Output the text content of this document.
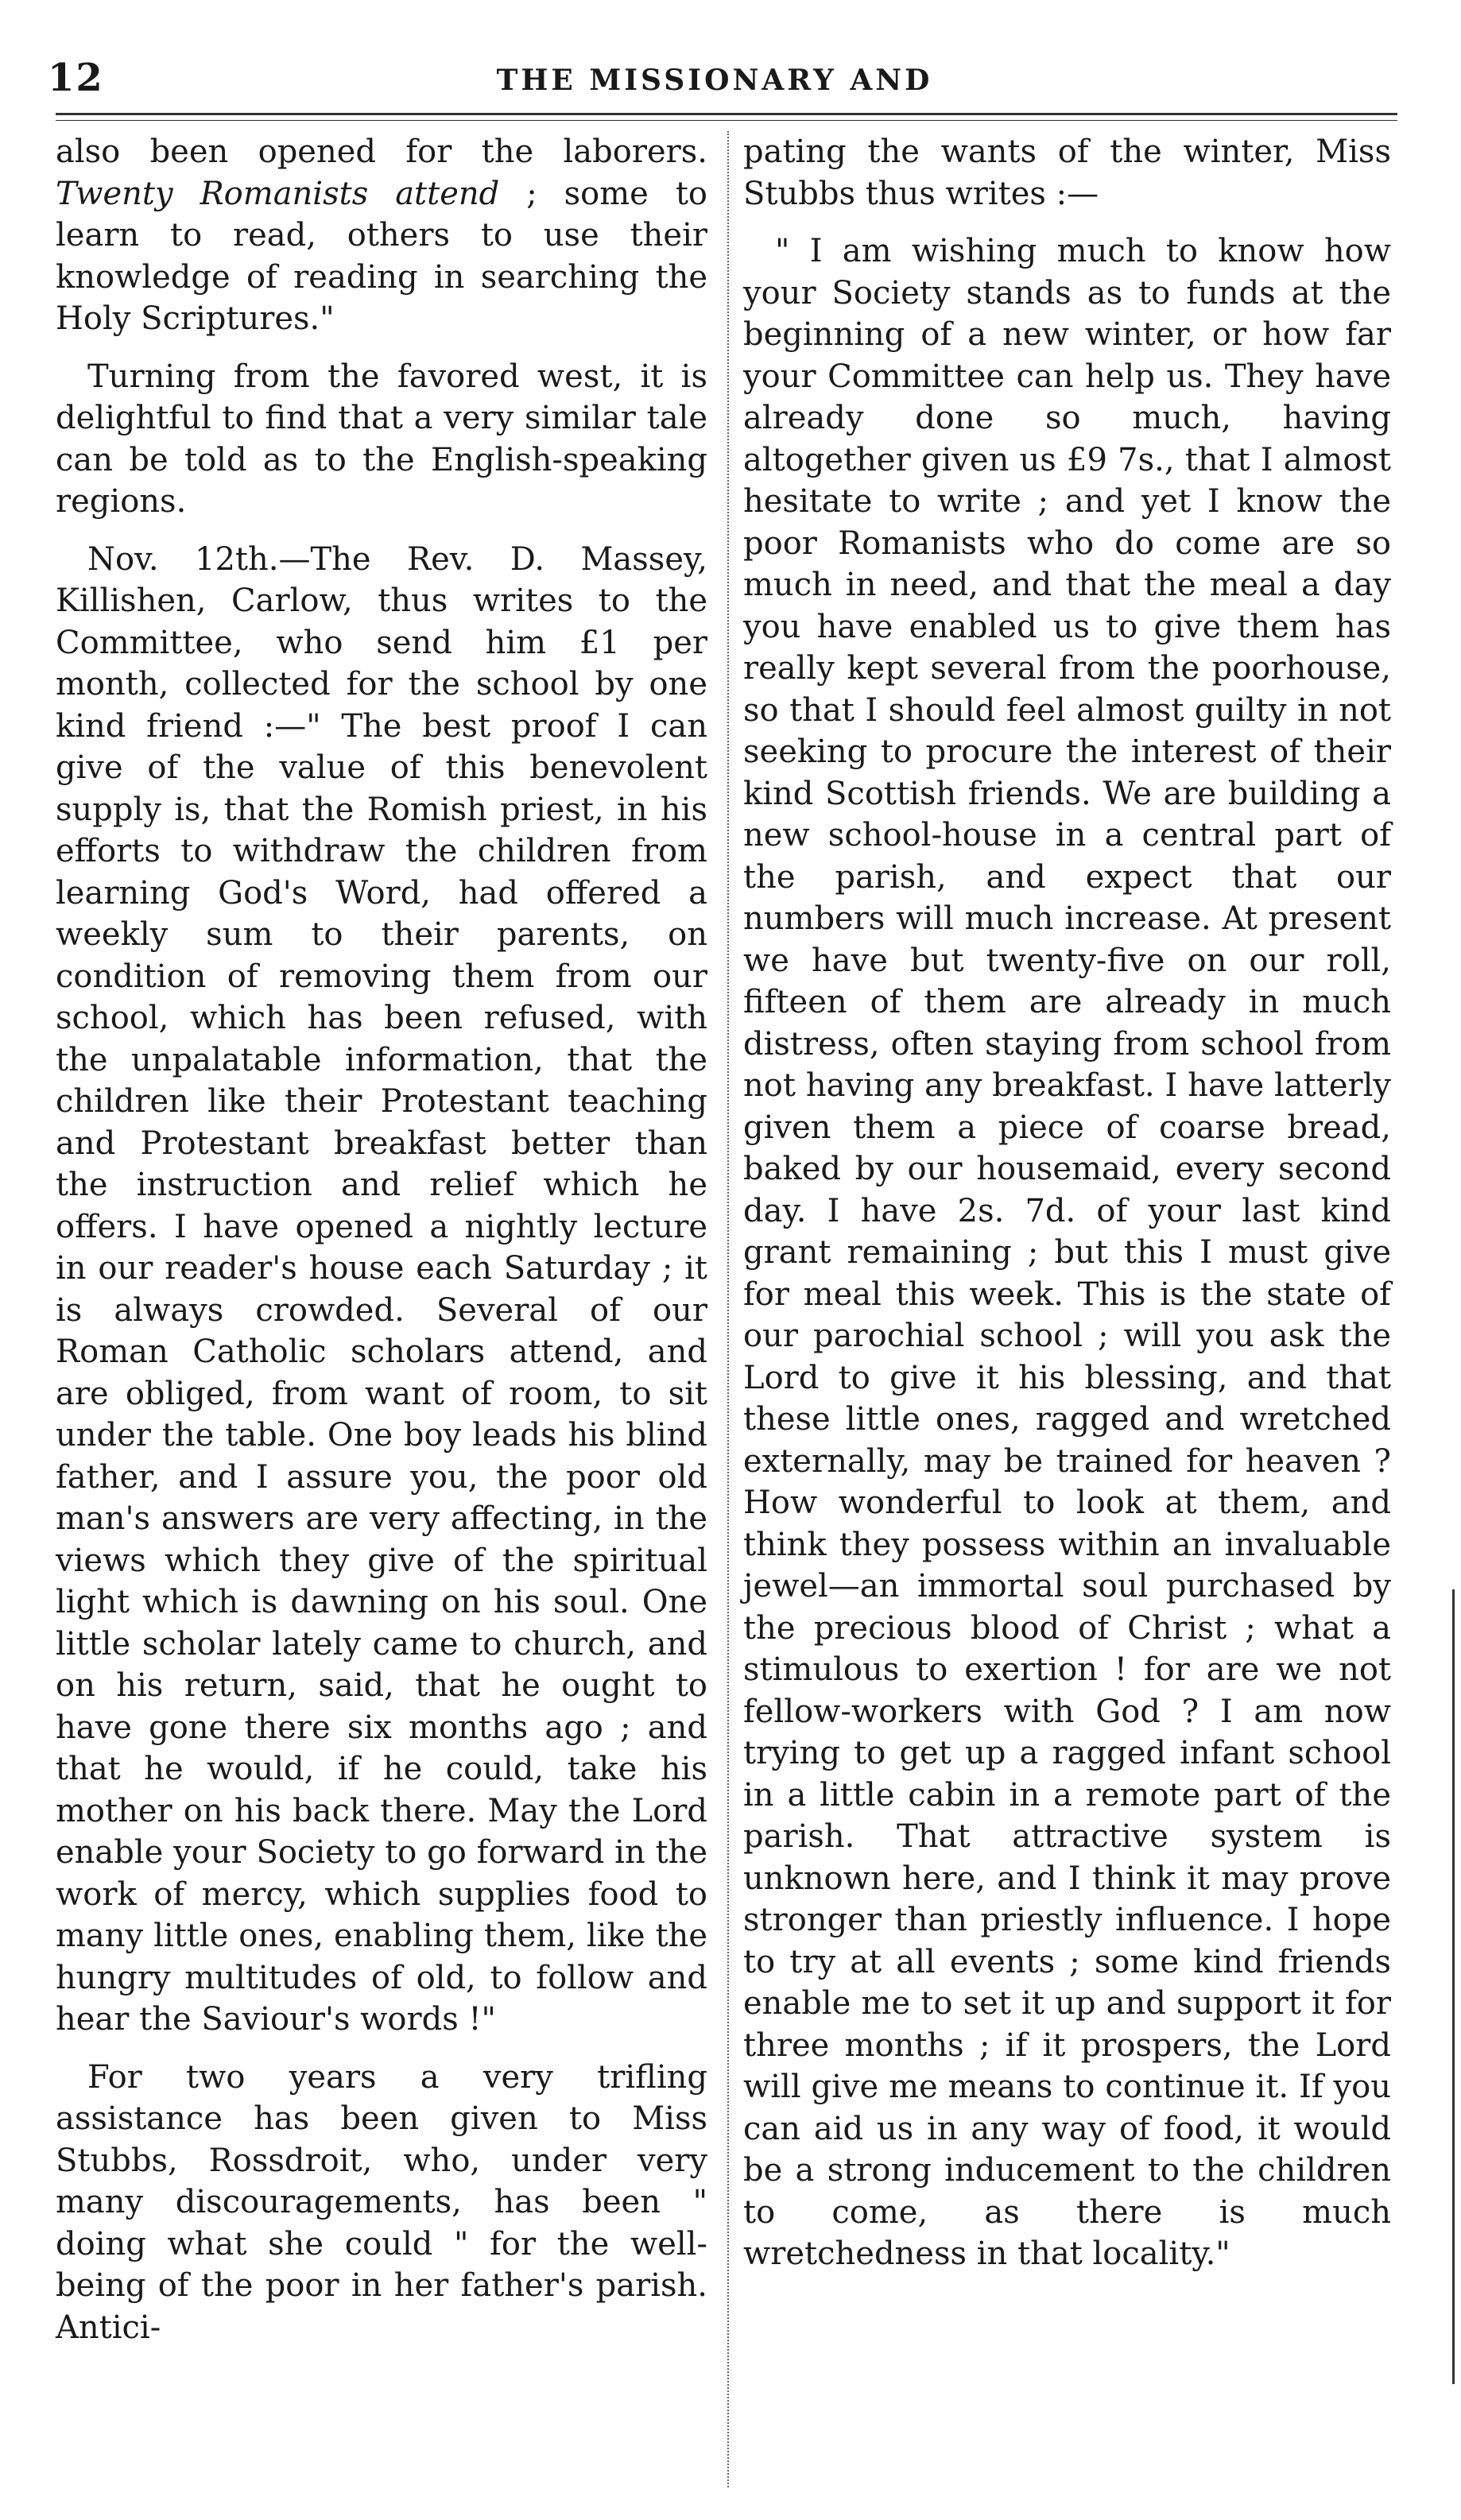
12	THE MISSIONARY AND

also been opened for the laborers. Twenty Romanists attend ; some to learn to read, others to use their knowledge of reading in searching the Holy Scriptures."

Turning from the favored west, it is delightful to find that a very similar tale can be told as to the English-speaking regions.

Nov. 12th.—The Rev. D. Massey, Killishen, Carlow, thus writes to the Committee, who send him £1 per month, collected for the school by one kind friend :—" The best proof I can give of the value of this benevolent supply is, that the Romish priest, in his efforts to withdraw the children from learning God's Word, had offered a weekly sum to their parents, on condition of removing them from our school, which has been refused, with the unpalatable information, that the children like their Protestant teaching and Protestant breakfast better than the instruction and relief which he offers. I have opened a nightly lecture in our reader's house each Saturday ; it is always crowded. Several of our Roman Catholic scholars attend, and are obliged, from want of room, to sit under the table. One boy leads his blind father, and I assure you, the poor old man's answers are very affecting, in the views which they give of the spiritual light which is dawning on his soul. One little scholar lately came to church, and on his return, said, that he ought to have gone there six months ago ; and that he would, if he could, take his mother on his back there. May the Lord enable your Society to go forward in the work of mercy, which supplies food to many little ones, enabling them, like the hungry multitudes of old, to follow and hear the Saviour's words !"

For two years a very trifling assistance has been given to Miss Stubbs, Rossdroit, who, under very many discouragements, has been " doing what she could " for the well-being of the poor in her father's parish. Antici-

pating the wants of the winter, Miss Stubbs thus writes :—

" I am wishing much to know how your Society stands as to funds at the beginning of a new winter, or how far your Committee can help us. They have already done so much, having altogether given us £9 7s., that I almost hesitate to write ; and yet I know the poor Romanists who do come are so much in need, and that the meal a day you have enabled us to give them has really kept several from the poorhouse, so that I should feel almost guilty in not seeking to procure the interest of their kind Scottish friends. We are building a new school-house in a central part of the parish, and expect that our numbers will much increase. At present we have but twenty-five on our roll, fifteen of them are already in much distress, often staying from school from not having any breakfast. I have latterly given them a piece of coarse bread, baked by our housemaid, every second day. I have 2s. 7d. of your last kind grant remaining ; but this I must give for meal this week. This is the state of our parochial school ; will you ask the Lord to give it his blessing, and that these little ones, ragged and wretched externally, may be trained for heaven ? How wonderful to look at them, and think they possess within an invaluable jewel—an immortal soul purchased by the precious blood of Christ ; what a stimulous to exertion ! for are we not fellow-workers with God ? I am now trying to get up a ragged infant school in a little cabin in a remote part of the parish. That attractive system is unknown here, and I think it may prove stronger than priestly influence. I hope to try at all events ; some kind friends enable me to set it up and support it for three months ; if it prospers, the Lord will give me means to continue it. If you can aid us in any way of food, it would be a strong inducement to the children to come, as there is much wretchedness in that locality."
